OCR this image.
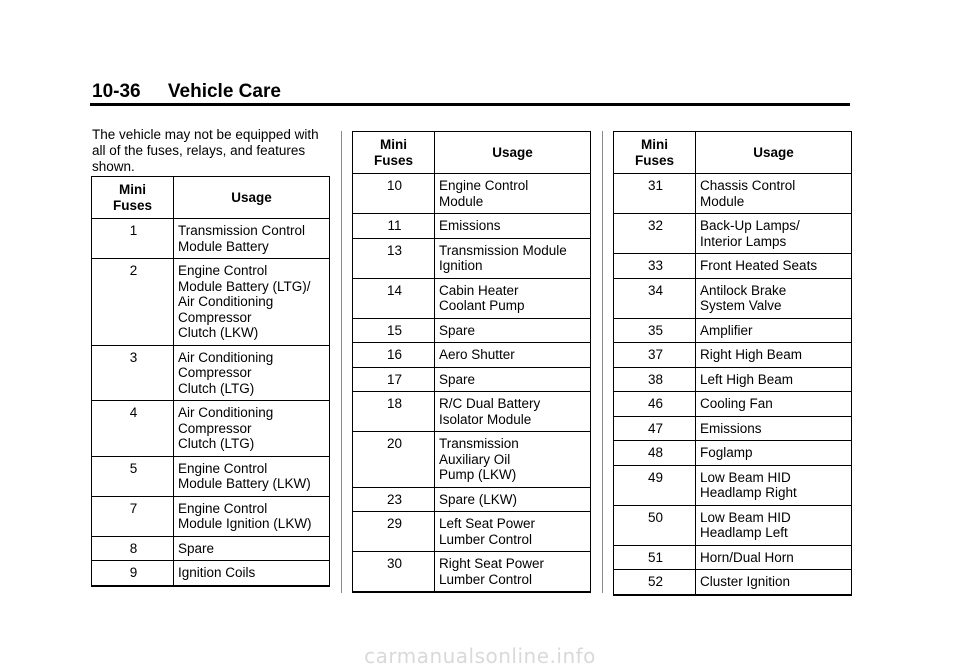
10-36 Vehicle Care
The vehicle may not be equipped with all of the fuses, relays, and features shown.
Mini
Fuses	Usage
1	Transmission Control
Module Battery

2	Engine Control
Module Battery (LTG)/
Air Conditioning
Compressor
Clutch (LKW)

3	Air Conditioning
Compressor
Clutch (LTG)

4	Air Conditioning
Compressor
Clutch (LTG)

5	Engine Control
Module Battery (LKW)

7	Engine Control
Module Ignition (LKW)

8	Spare

9	Ignition Coils
Mini
Fuses	Usage
10	Engine Control
Module

11	Emissions

13	Transmission Module
Ignition

14	Cabin Heater
Coolant Pump

15	Spare

16	Aero Shutter

17	Spare

18	R/C Dual Battery
Isolator Module

20	Transmission
Auxiliary Oil
Pump (LKW)

23	Spare (LKW)

29	Left Seat Power
Lumber Control

30	Right Seat Power
Lumber Control
Mini
Fuses	Usage
31	Chassis Control
Module

32	Back-Up Lamps/
Interior Lamps

33	Front Heated Seats

34	Antilock Brake
System Valve

35	Amplifier

37	Right High Beam

38	Left High Beam

46	Cooling Fan

47	Emissions

48	Foglamp

49	Low Beam HID
Headlamp Right

50	Low Beam HID
Headlamp Left

51	Horn/Dual Horn

52	Cluster Ignition
carmanualsonline.info
